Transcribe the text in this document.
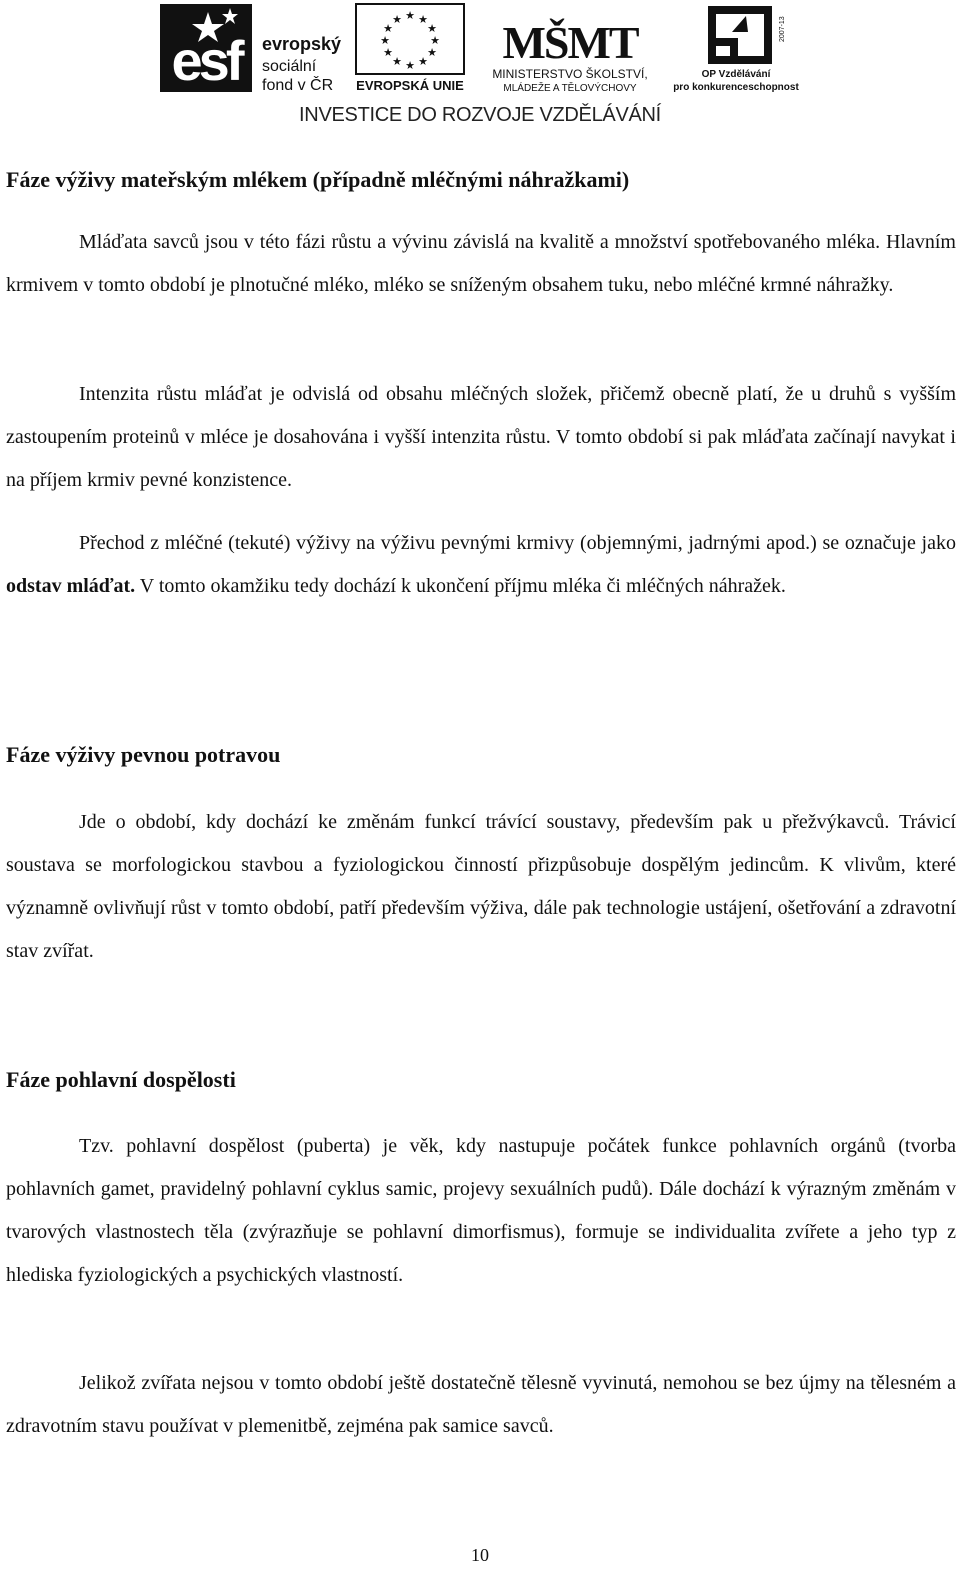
esf evropský
sociální
fond v ČR
★ ★
★
★
★
★
★
★
★
★
★
★
EVROPSKÁ UNIE
MŠMT
MINISTERSTVO ŠKOLSTVÍ,
MLÁDEŽE A TĚLOVÝCHOVY
2007-13
OP Vzdělávání
pro konkurenceschopnost
INVESTICE DO ROZVOJE VZDĚLÁVÁNÍ
Fáze výživy mateřským mlékem (případně mléčnými náhražkami)

Mláďata savců jsou v této fázi růstu a vývinu závislá na kvalitě a množství spotřebovaného mléka. Hlavním krmivem v tomto období je plnotučné mléko, mléko se sníženým obsahem tuku, nebo mléčné krmné náhražky.

Intenzita růstu mláďat je odvislá od obsahu mléčných složek, přičemž obecně platí, že u druhů s vyšším zastoupením proteinů v mléce je dosahována i vyšší intenzita růstu. V tomto období si pak mláďata začínají navykat i na příjem krmiv pevné konzistence.

Přechod z mléčné (tekuté) výživy na výživu pevnými krmivy (objemnými, jadrnými apod.) se označuje jako odstav mláďat. V tomto okamžiku tedy dochází k ukončení příjmu mléka či mléčných náhražek.

Fáze výživy pevnou potravou

Jde o období, kdy dochází ke změnám funkcí trávící soustavy, především pak u přežvýkavců. Trávicí soustava se morfologickou stavbou a fyziologickou činností přizpůsobuje dospělým jedincům. K vlivům, které významně ovlivňují růst v tomto období, patří především výživa, dále pak technologie ustájení, ošetřování a zdravotní stav zvířat.

Fáze pohlavní dospělosti

Tzv. pohlavní dospělost (puberta) je věk, kdy nastupuje počátek funkce pohlavních orgánů (tvorba pohlavních gamet, pravidelný pohlavní cyklus samic, projevy sexuálních pudů). Dále dochází k výrazným změnám v tvarových vlastnostech těla (zvýrazňuje se pohlavní dimorfismus), formuje se individualita zvířete a jeho typ z hlediska fyziologických a psychických vlastností.

Jelikož zvířata nejsou v tomto období ještě dostatečně tělesně vyvinutá, nemohou se bez újmy na tělesném a zdravotním stavu používat v plemenitbě, zejména pak samice savců.

10
